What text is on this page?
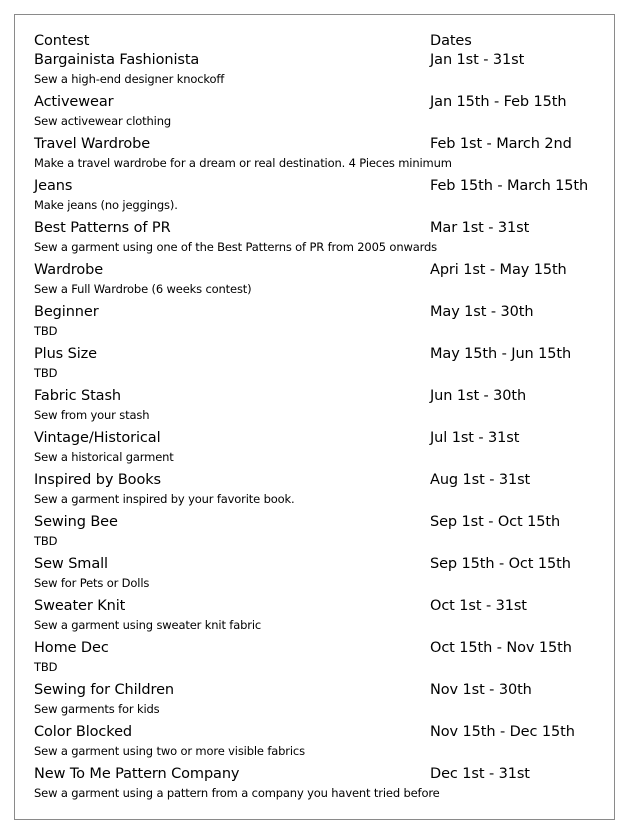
Contest	Dates
Bargainista Fashionista	Jan 1st - 31st
Sew a high-end designer knockoff
Activewear	Jan 15th - Feb 15th
Sew activewear clothing
Travel Wardrobe	Feb 1st - March 2nd
Make a travel wardrobe for a dream or real destination. 4 Pieces minimum
Jeans	Feb 15th - March 15th
Make jeans (no jeggings).
Best Patterns of PR	Mar 1st - 31st
Sew a garment using one of the Best Patterns of PR from 2005 onwards
Wardrobe	Apri 1st - May 15th
Sew a Full Wardrobe (6 weeks contest)
Beginner	May 1st - 30th
TBD
Plus Size	May 15th - Jun 15th
TBD
Fabric Stash	Jun 1st - 30th
Sew from your stash
Vintage/Historical	Jul 1st - 31st
Sew a historical garment
Inspired by Books	Aug 1st - 31st
Sew a garment inspired by your favorite book.
Sewing Bee	Sep 1st - Oct 15th
TBD
Sew Small	Sep 15th - Oct 15th
Sew for Pets or Dolls
Sweater Knit	Oct 1st - 31st
Sew a garment using sweater knit fabric
Home Dec	Oct 15th - Nov 15th
TBD
Sewing for Children	Nov 1st - 30th
Sew garments for kids
Color Blocked	Nov 15th - Dec 15th
Sew a garment using two or more visible fabrics
New To Me Pattern Company	Dec 1st - 31st
Sew a garment using a pattern from a company you havent tried before
